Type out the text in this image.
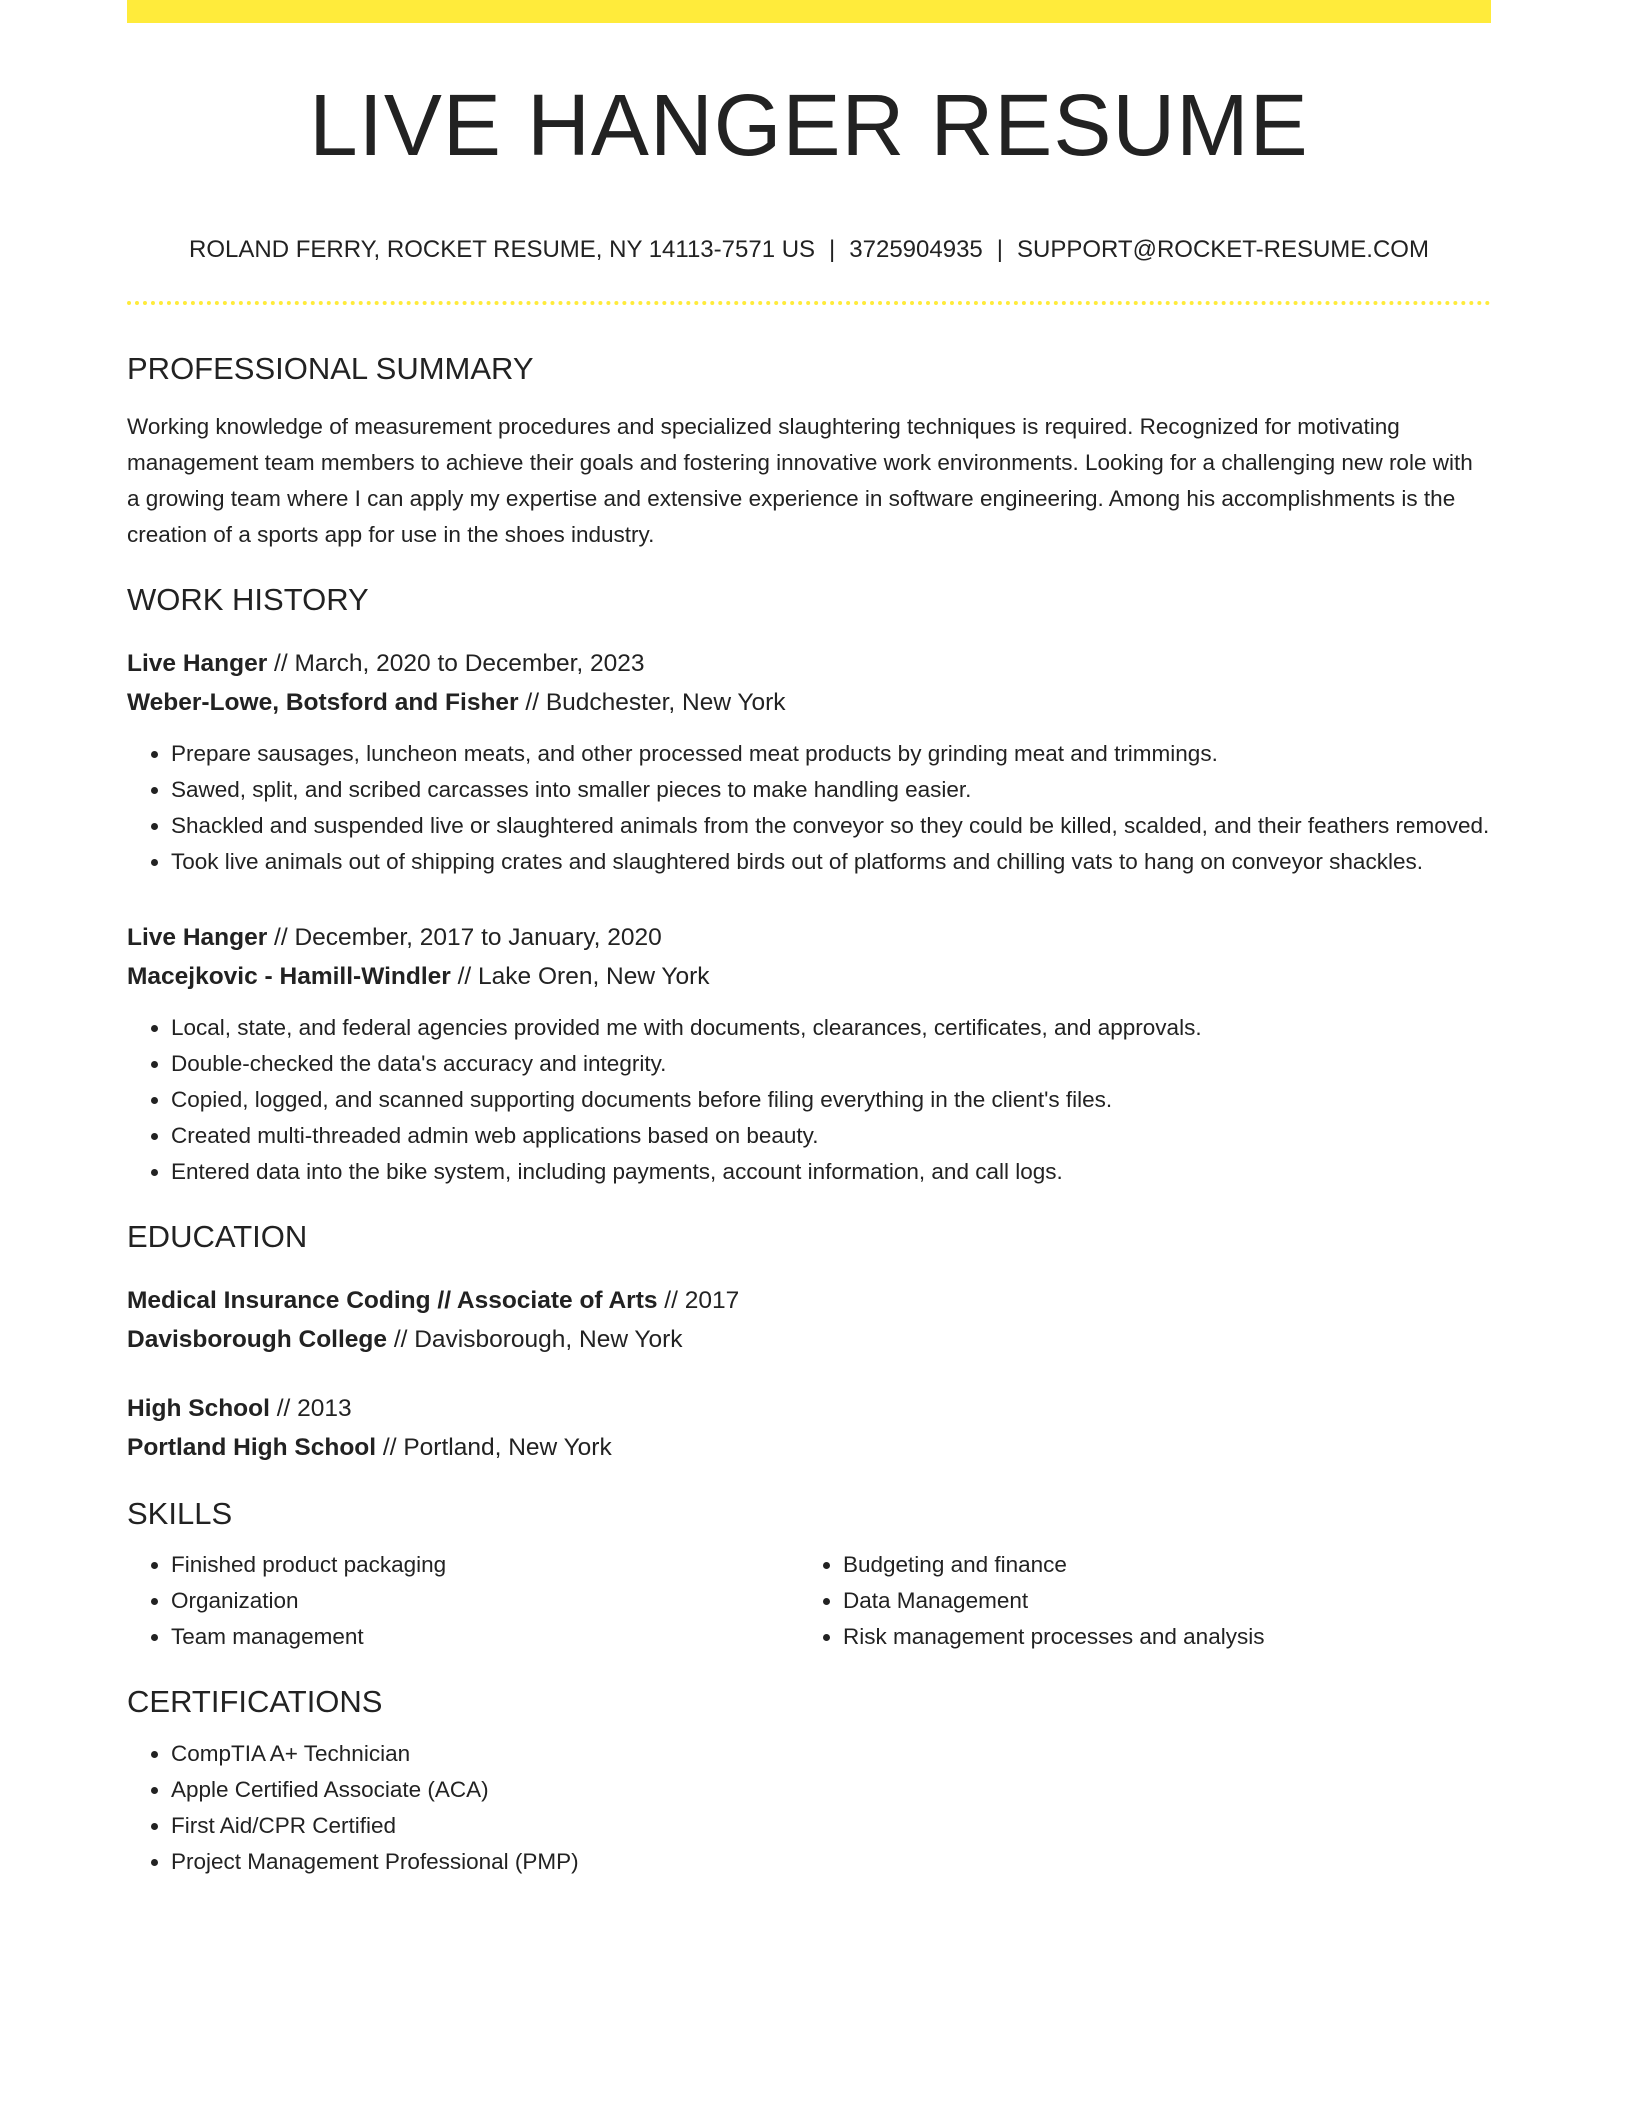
LIVE HANGER RESUME
ROLAND FERRY, ROCKET RESUME, NY 14113-7571 US | 3725904935 | SUPPORT@ROCKET-RESUME.COM
PROFESSIONAL SUMMARY
Working knowledge of measurement procedures and specialized slaughtering techniques is required. Recognized for motivating management team members to achieve their goals and fostering innovative work environments. Looking for a challenging new role with a growing team where I can apply my expertise and extensive experience in software engineering. Among his accomplishments is the creation of a sports app for use in the shoes industry.
WORK HISTORY
Live Hanger // March, 2020 to December, 2023
Weber-Lowe, Botsford and Fisher // Budchester, New York
• Prepare sausages, luncheon meats, and other processed meat products by grinding meat and trimmings.
• Sawed, split, and scribed carcasses into smaller pieces to make handling easier.
• Shackled and suspended live or slaughtered animals from the conveyor so they could be killed, scalded, and their feathers removed.
• Took live animals out of shipping crates and slaughtered birds out of platforms and chilling vats to hang on conveyor shackles.
Live Hanger // December, 2017 to January, 2020
Macejkovic - Hamill-Windler // Lake Oren, New York
• Local, state, and federal agencies provided me with documents, clearances, certificates, and approvals.
• Double-checked the data's accuracy and integrity.
• Copied, logged, and scanned supporting documents before filing everything in the client's files.
• Created multi-threaded admin web applications based on beauty.
• Entered data into the bike system, including payments, account information, and call logs.
EDUCATION
Medical Insurance Coding // Associate of Arts // 2017
Davisborough College // Davisborough, New York
High School // 2013
Portland High School // Portland, New York
SKILLS
• Finished product packaging
• Organization
• Team management
• Budgeting and finance
• Data Management
• Risk management processes and analysis
CERTIFICATIONS
• CompTIA A+ Technician
• Apple Certified Associate (ACA)
• First Aid/CPR Certified
• Project Management Professional (PMP)
